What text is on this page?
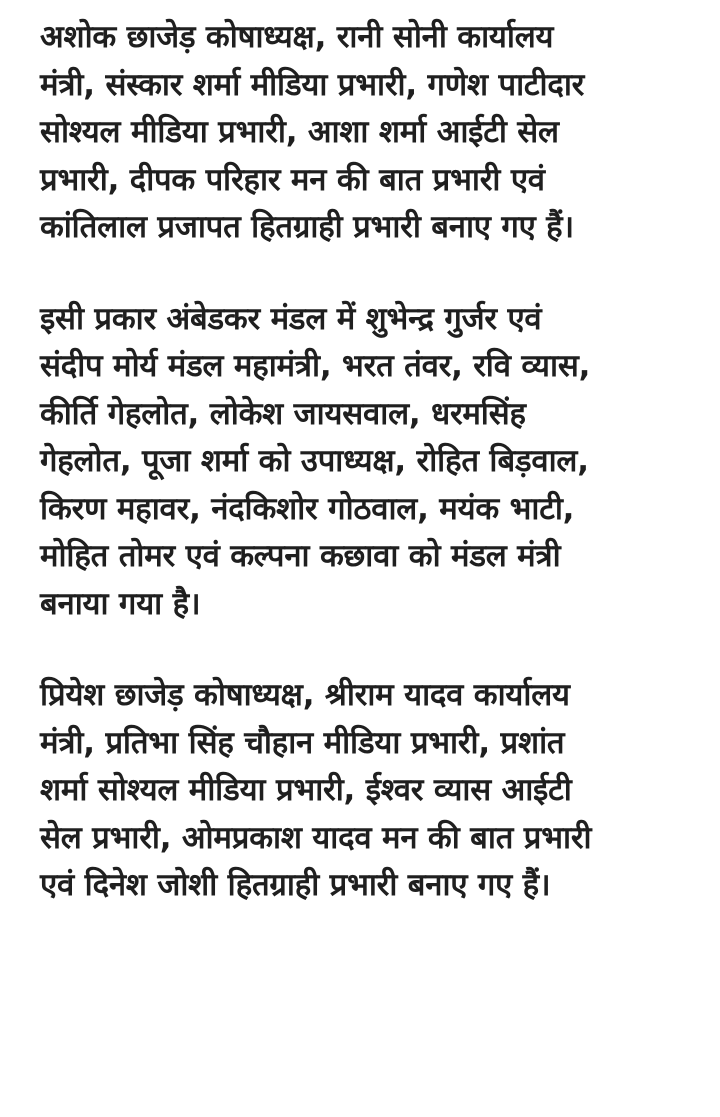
अशोक छाजेड़ कोषाध्यक्ष, रानी सोनी कार्यालय
मंत्री, संस्कार शर्मा मीडिया प्रभारी, गणेश पाटीदार
सोश्यल मीडिया प्रभारी, आशा शर्मा आईटी सेल
प्रभारी, दीपक परिहार मन की बात प्रभारी एवं
कांतिलाल प्रजापत हितग्राही प्रभारी बनाए गए हैं।

इसी प्रकार अंबेडकर मंडल में शुभेन्द्र गुर्जर एवं
संदीप मोर्य मंडल महामंत्री, भरत तंवर, रवि व्यास,
कीर्ति गेहलोत, लोकेश जायसवाल, धरमसिंह
गेहलोत, पूजा शर्मा को उपाध्यक्ष, रोहित बिड़वाल,
किरण महावर, नंदकिशोर गोठवाल, मयंक भाटी,
मोहित तोमर एवं कल्पना कछावा को मंडल मंत्री
बनाया गया है।

प्रियेश छाजेड़ कोषाध्यक्ष, श्रीराम यादव कार्यालय
मंत्री, प्रतिभा सिंह चौहान मीडिया प्रभारी, प्रशांत
शर्मा सोश्यल मीडिया प्रभारी, ईश्वर व्यास आईटी
सेल प्रभारी, ओमप्रकाश यादव मन की बात प्रभारी
एवं दिनेश जोशी हितग्राही प्रभारी बनाए गए हैं।
